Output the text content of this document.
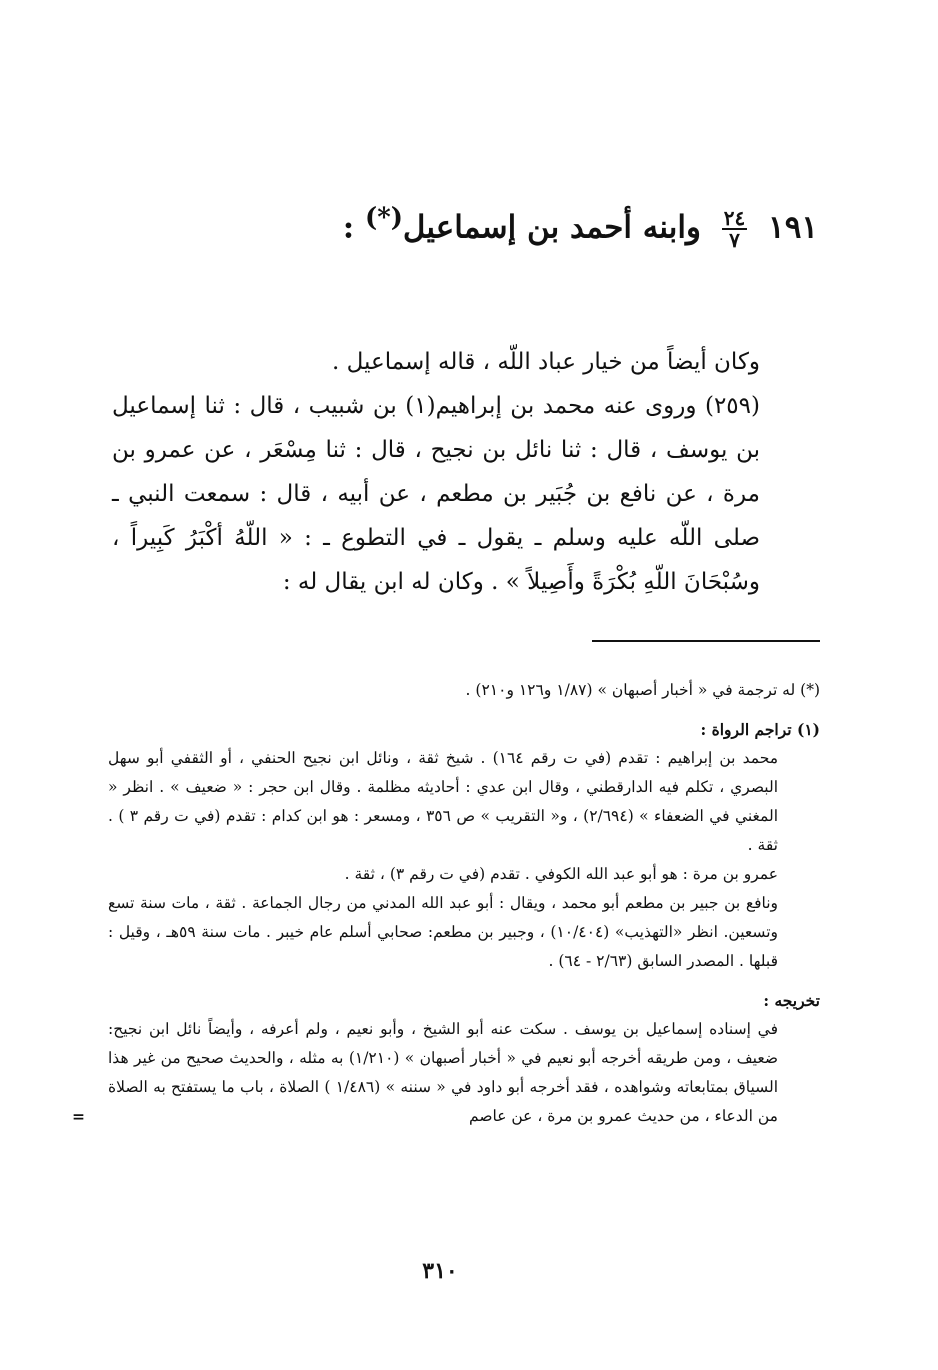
١٩١
$\frac{٢٤}{٧}$
وابنه أحمد بن إسماعيل(*) :

وكان أيضاً من خيار عباد اللّه ، قاله إسماعيل .

(٢٥٩) وروى عنه محمد بن إبراهيم(١) بن شبيب ، قال : ثنا إسماعيل بن يوسف ، قال : ثنا نائل بن نجيح ، قال : ثنا مِسْعَر ، عن عمرو بن مرة ، عن نافع بن جُبَير بن مطعم ، عن أبيه ، قال : سمعت النبي ـ صلى اللّه عليه وسلم ـ يقول ـ في التطوع ـ : « اللّهُ أكْبَرُ كَبِيراً ، وسُبْحَانَ اللّهِ بُكْرَةً وأَصِيلاً » . وكان له ابن يقال له :

(*) له ترجمة في « أخبار أصبهان » (١/٨٧ و١٢٦ و٢١٠) .

(١) تراجم الرواة :

محمد بن إبراهيم : تقدم (في ت رقم ١٦٤) . شيخ ثقة ، ونائل ابن نجيح الحنفي ، أو الثقفي أبو سهل البصري ، تكلم فيه الدارقطني ، وقال ابن عدي : أحاديثه مظلمة . وقال ابن حجر : « ضعيف » . انظر « المغني في الضعفاء » (٢/٦٩٤) ، و« التقريب » ص ٣٥٦ ، ومسعر : هو ابن كدام : تقدم (في ت رقم ٣ ) . ثقة .

عمرو بن مرة : هو أبو عبد الله الكوفي . تقدم (في ت رقم ٣) ، ثقة .

ونافع بن جبير بن مطعم أبو محمد ، ويقال : أبو عبد الله المدني من رجال الجماعة . ثقة ، مات سنة تسع وتسعين. انظر «التهذيب» (١٠/٤٠٤) ، وجبير بن مطعم: صحابي أسلم عام خيبر . مات سنة ٥٩هـ ، وقيل : قبلها . المصدر السابق (٢/٦٣ - ٦٤) .

تخريجه :

في إسناده إسماعيل بن يوسف . سكت عنه أبو الشيخ ، وأبو نعيم ، ولم أعرفه ، وأيضاً نائل ابن نجيح: ضعيف ، ومن طريقه أخرجه أبو نعيم في « أخبار أصبهان » (١/٢١٠) به مثله ، والحديث صحيح من غير هذا السياق بمتابعاته وشواهده ، فقد أخرجه أبو داود في « سننه » (١/٤٨٦ ) الصلاة ، باب ما يستفتح به الصلاة من الدعاء ، من حديث عمرو بن مرة ، عن عاصم
=

٣١٠
